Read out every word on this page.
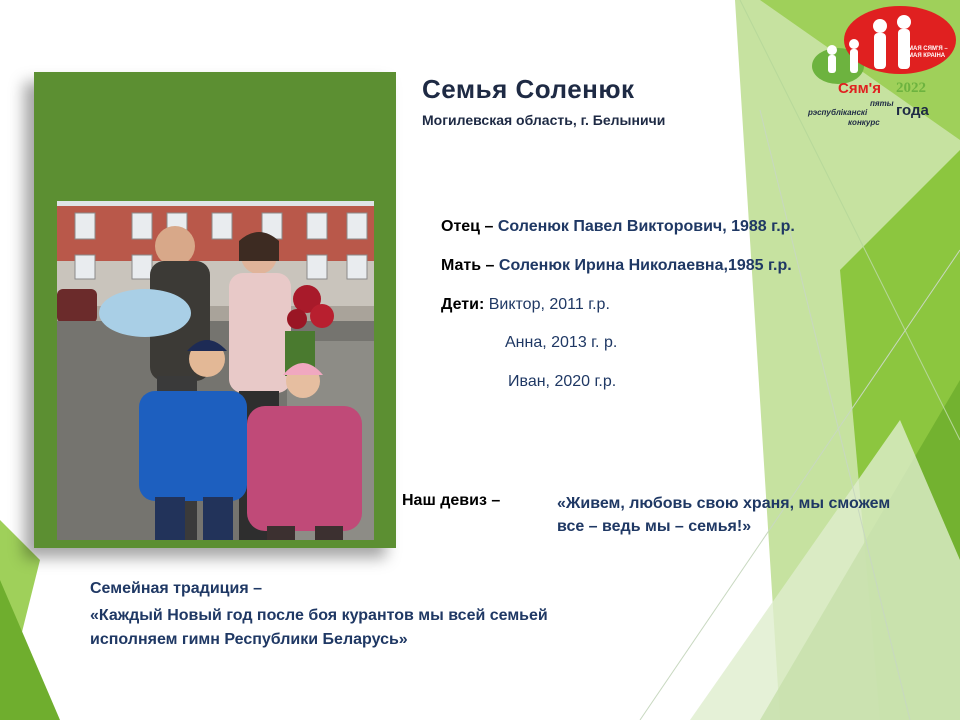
Семья Соленюк
Могилевская область, г. Белыничи
Отец – Соленюк Павел Викторович, 1988 г.р.
Мать – Соленюк Ирина Николаевна,1985 г.р.
Дети: Виктор, 2011 г.р.
Анна, 2013 г. р.
Иван, 2020 г.р.
Наш девиз –	«Живем, любовь свою храня, мы сможем все – ведь мы – семья!»
Семейная традиция –
«Каждый Новый год после боя курантов мы всей семьей исполняем гимн Республики Беларусь»
МАЯ СЯМ'Я – МАЯ КРАІНА
Сям'я 2022
пяты
рэспубліканскі
конкурс
года
